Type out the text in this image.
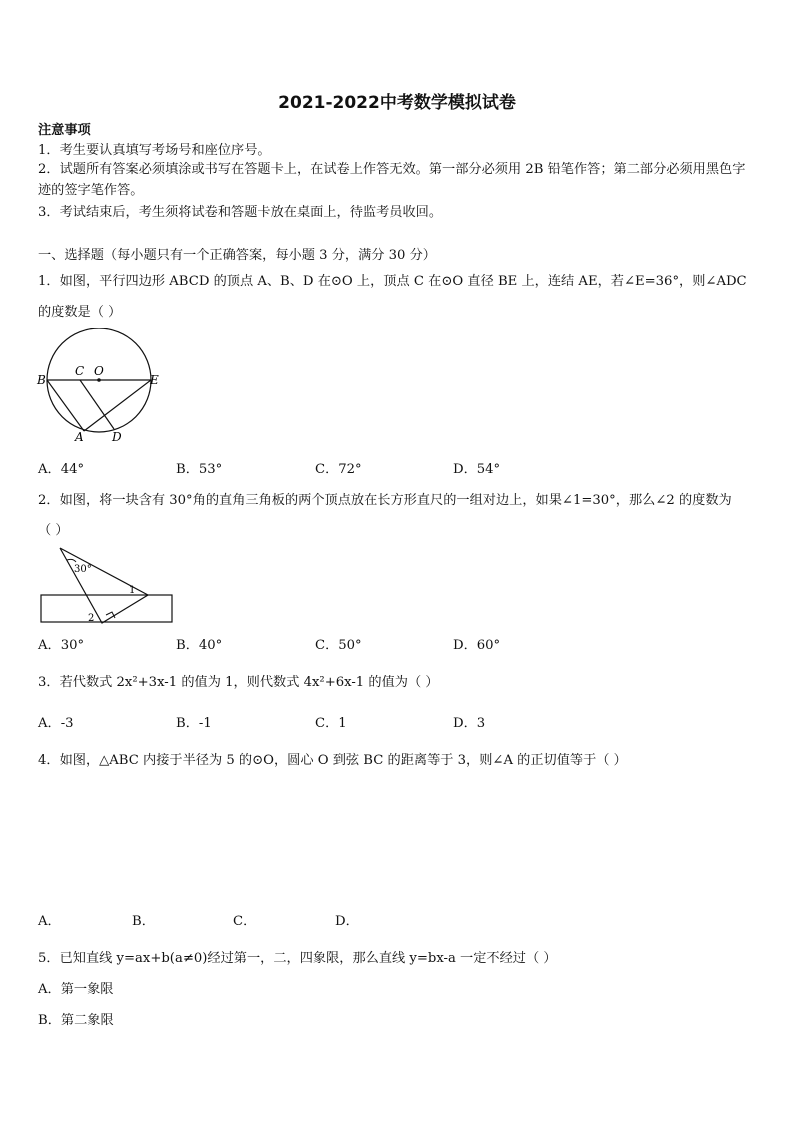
2021-2022中考数学模拟试卷
注意事项
1．考生要认真填写考场号和座位序号。
2．试题所有答案必须填涂或书写在答题卡上，在试卷上作答无效。第一部分必须用 2B 铅笔作答；第二部分必须用黑色字迹的签字笔作答。
3．考试结束后，考生须将试卷和答题卡放在桌面上，待监考员收回。
一、选择题（每小题只有一个正确答案，每小题 3 分，满分 30 分）
1．如图，平行四边形 ABCD 的顶点 A、B、D 在⊙O 上，顶点 C 在⊙O 直径 BE 上，连结 AE，若∠E=36°，则∠ADC
的度数是（ ）
B
C O
E
A D
A．44°	B．53°	C．72°	D．54°
2．如图，将一块含有 30°角的直角三角板的两个顶点放在长方形直尺的一组对边上，如果∠1=30°，那么∠2 的度数为
（ ）
30°
1
2
A．30°	B．40°	C．50°	D．60°
3．若代数式 2x²+3x-1 的值为 1，则代数式 4x²+6x-1 的值为（ ）
A．-3	B．-1	C．1	D．3
4．如图，△ABC 内接于半径为 5 的⊙O，圆心 O 到弦 BC 的距离等于 3，则∠A 的正切值等于（ ）
A．	B．	C．	D．
5．已知直线 y=ax+b(a≠0)经过第一，二，四象限，那么直线 y=bx-a 一定不经过（ ）
A．第一象限
B．第二象限
